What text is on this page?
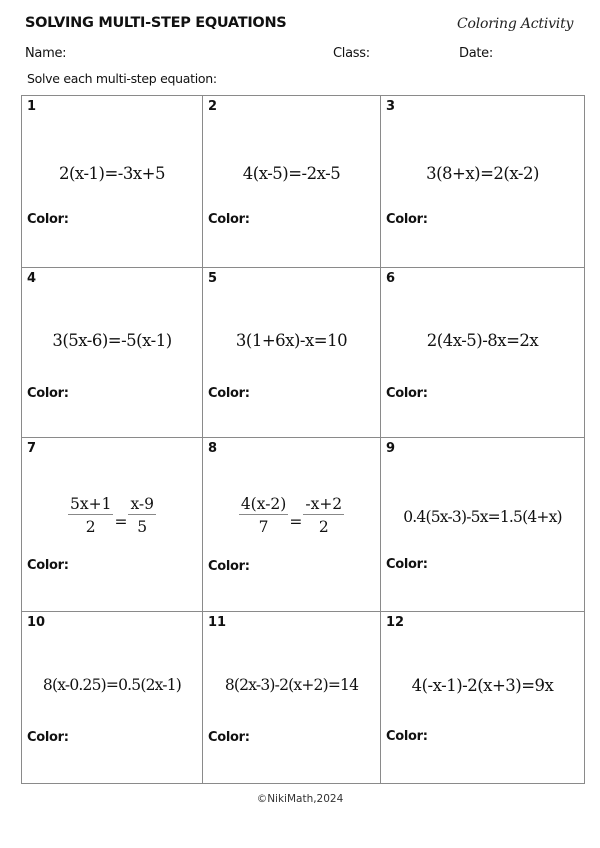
SOLVING MULTI-STEP EQUATIONS	Coloring Activity
Name:	Class:	Date:
Solve each multi-step equation:
1
2(x-1)=-3x+5
Color:
2
4(x-5)=-2x-5
Color:
3
3(8+x)=2(x-2)
Color:
4
3(5x-6)=-5(x-1)
Color:
5
3(1+6x)-x=10
Color:
6
2(4x-5)-8x=2x
Color:
7
$\frac{5x+1}{2} = \frac{x-9}{5}$
Color:
8
$\frac{4(x-2)}{7} = \frac{-x+2}{2}$
Color:
9
0.4(5x-3)-5x=1.5(4+x)
Color:
10
8(x-0.25)=0.5(2x-1)
Color:
11
8(2x-3)-2(x+2)=14
Color:
12
4(-x-1)-2(x+3)=9x
Color:
©NikiMath,2024
